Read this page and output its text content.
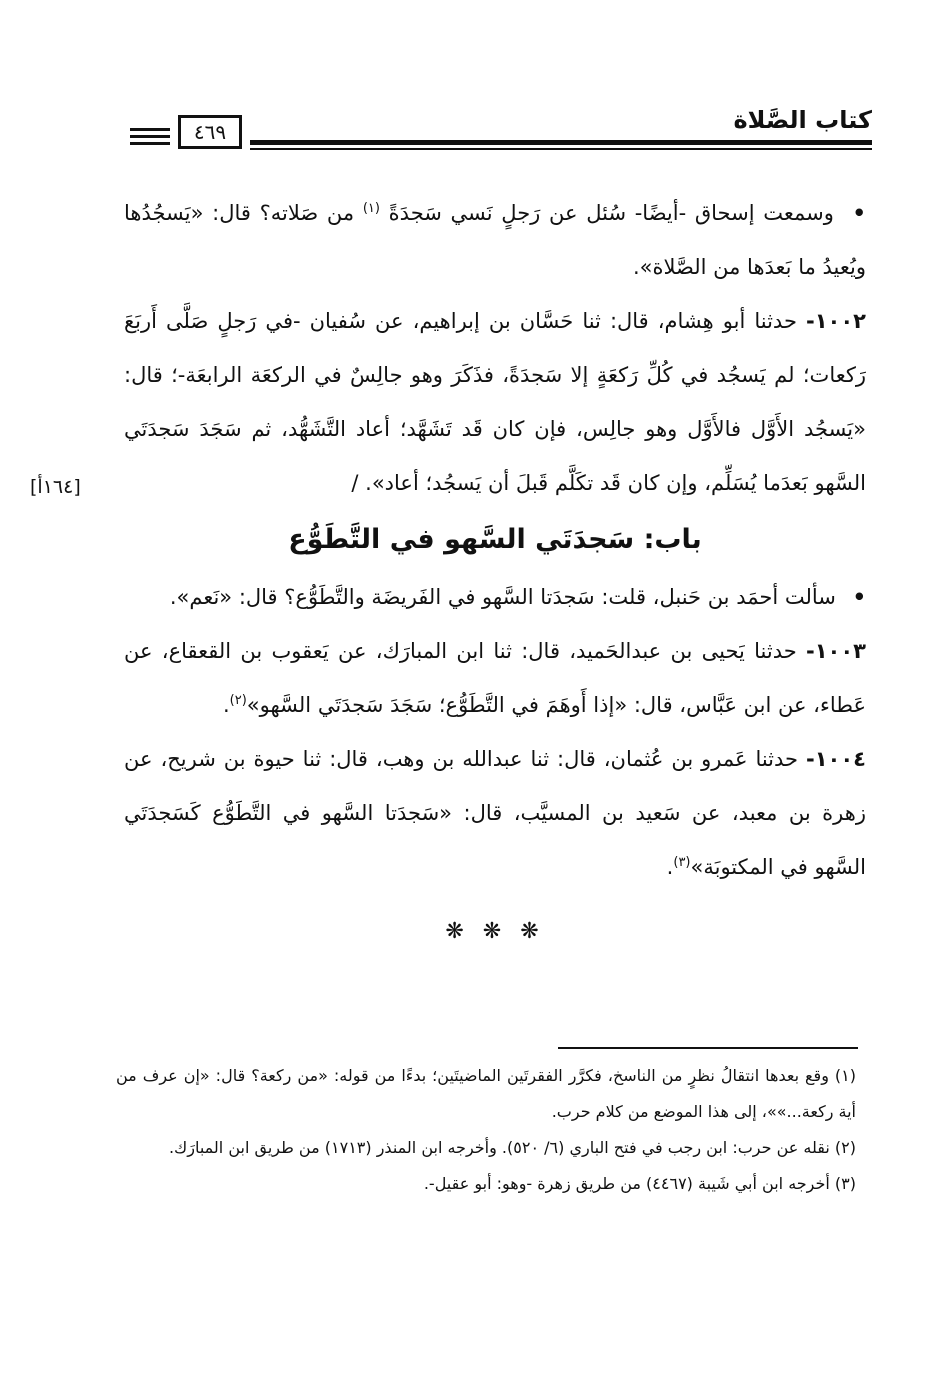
٤٦٩	كتاب الصَّلاة
[١٦٤أ]

• وسمعت إسحاق -أيضًا- سُئل عن رَجلٍ نَسي سَجدَةً $^{(١)}$ من صَلاته؟ قال: «يَسجُدُها ويُعيدُ ما بَعدَها من الصَّلاة».

١٠٠٢- حدثنا أبو هِشام، قال: ثنا حَسَّان بن إبراهيم، عن سُفيان -في رَجلٍ صَلَّى أَربَعَ رَكعات؛ لم يَسجُد في كُلِّ رَكعَةٍ إلا سَجدَةً، فذَكَرَ وهو جالِسٌ في الركعَة الرابعَة-؛ قال: «يَسجُد الأَوَّل فالأَوَّل وهو جالِس، فإن كان قَد تَشَهَّد؛ أعاد التَّشَهُّد، ثم سَجَدَ سَجدَتَي السَّهو بَعدَما يُسَلِّم، وإن كان قَد تكَلَّم قَبلَ أن يَسجُد؛ أعاد». /

باب: سَجدَتَي السَّهو في التَّطَوُّع

• سألت أحمَد بن حَنبل، قلت: سَجدَتا السَّهو في الفَريضَة والتَّطَوُّع؟ قال: «نَعم».

١٠٠٣- حدثنا يَحيى بن عبدالحَميد، قال: ثنا ابن المبارَك، عن يَعقوب بن القعقاع، عن عَطاء، عن ابن عَبَّاس، قال: «إذا أَوهَمَ في التَّطَوُّع؛ سَجَدَ سَجدَتَي السَّهو»$^{(٢)}$.

١٠٠٤- حدثنا عَمرو بن عُثمان، قال: ثنا عبدالله بن وهب، قال: ثنا حيوة بن شريح، عن زهرة بن معبد، عن سَعيد بن المسيَّب، قال: «سَجدَتا السَّهو في التَّطَوُّع كَسَجدَتَي السَّهو في المكتوبَة»$^{(٣)}$.

❋ ❋ ❋

(١) وقع بعدها انتقالُ نظرٍ من الناسخ، فكرَّر الفقرتَين الماضيتَين؛ بدءًا من قوله: «من ركعة؟ قال: «إن عرف من أية ركعة...»»، إلى هذا الموضع من كلام حرب.

(٢) نقله عن حرب: ابن رجب في فتح الباري (٦/ ٥٢٠). وأخرجه ابن المنذر (١٧١٣) من طريق ابن المبارَك.

(٣) أخرجه ابن أبي شَيبة (٤٤٦٧) من طريق زهرة -وهو: أبو عقيل-.
